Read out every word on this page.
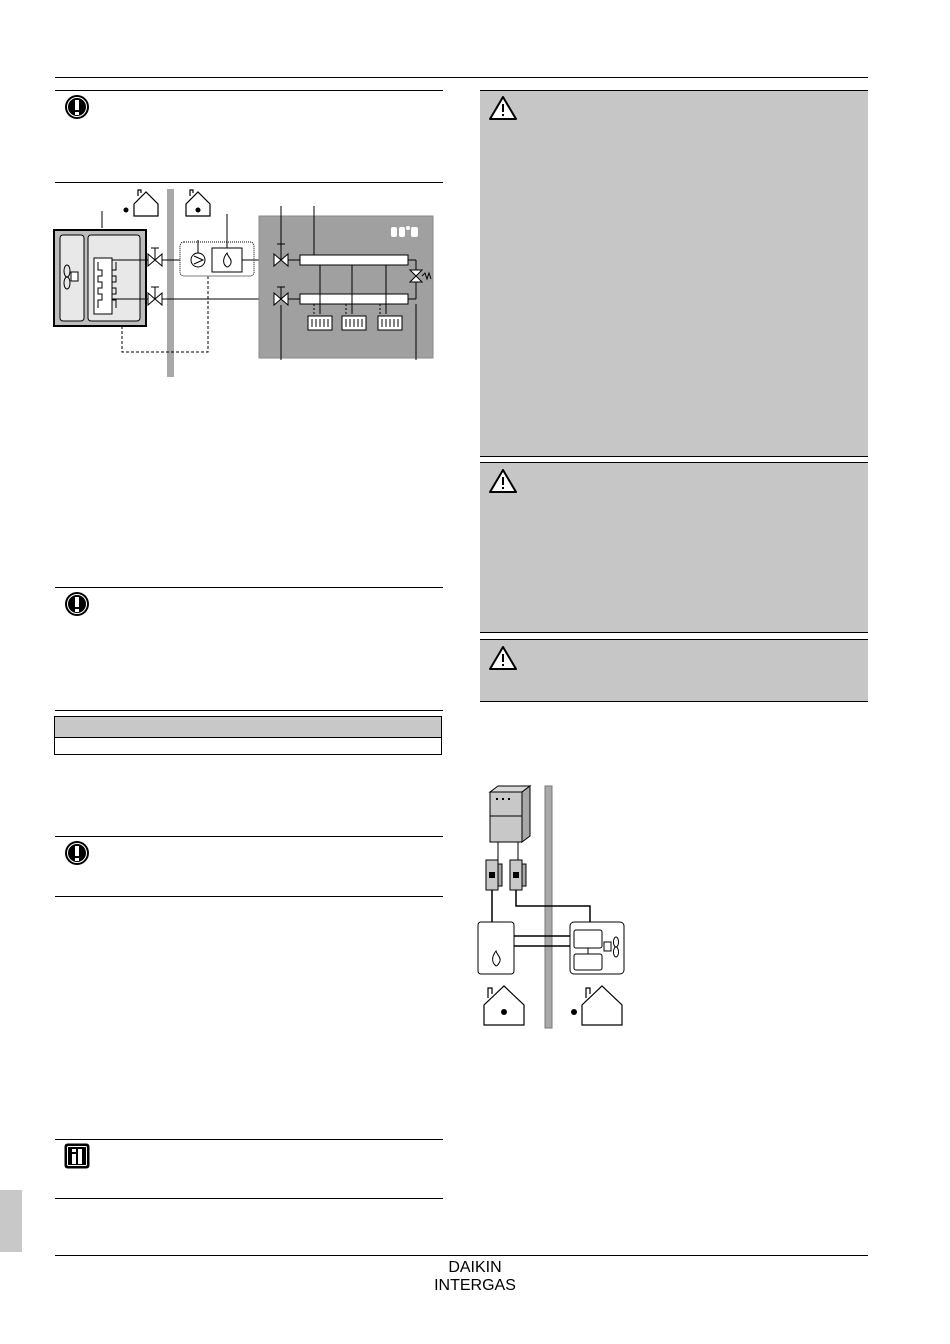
DAIKIN
INTERGAS
